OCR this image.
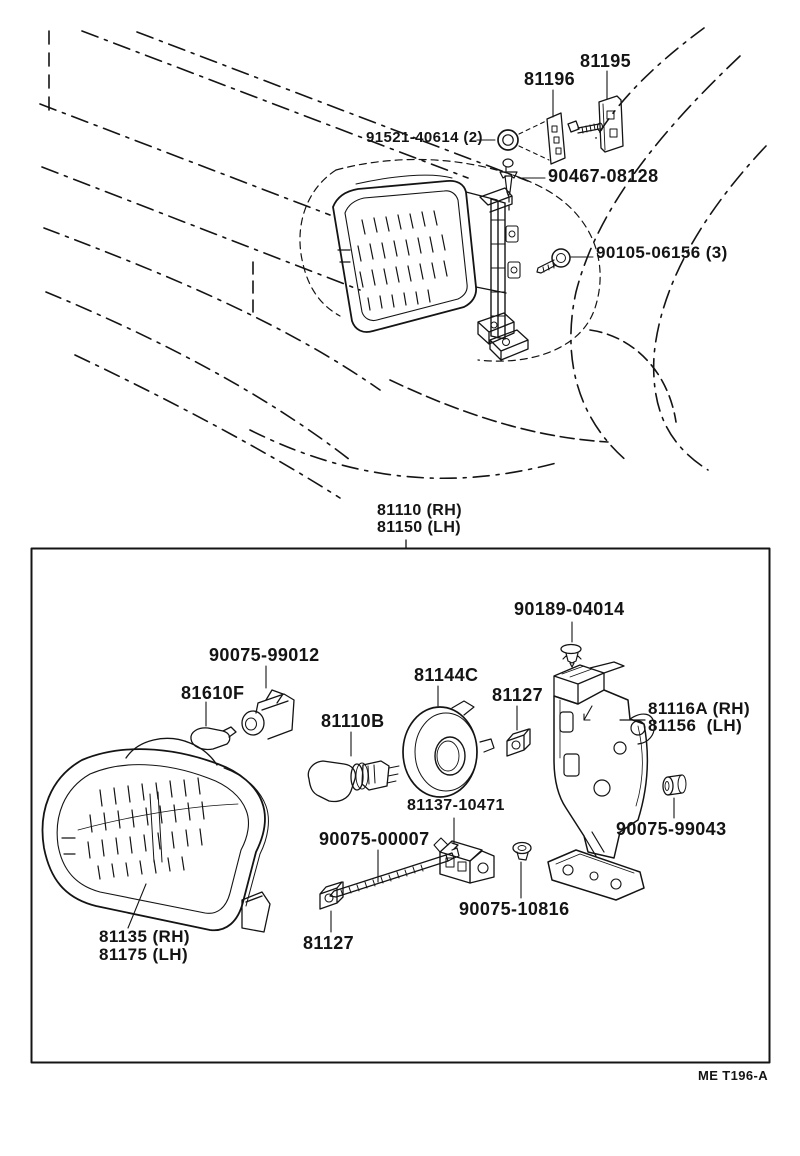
81196
81195
91521-40614 (2)
90467-08128
90105-06156 (3)
81110 (RH)
81150 (LH)
90189-04014
90075-99012
81610F
81144C
81127
81116A (RH)
81156  (LH)
81110B
81137-10471
90075-00007	90075-99043
90075-10816
81127
81135 (RH)
81175 (LH)
ME T196-A
